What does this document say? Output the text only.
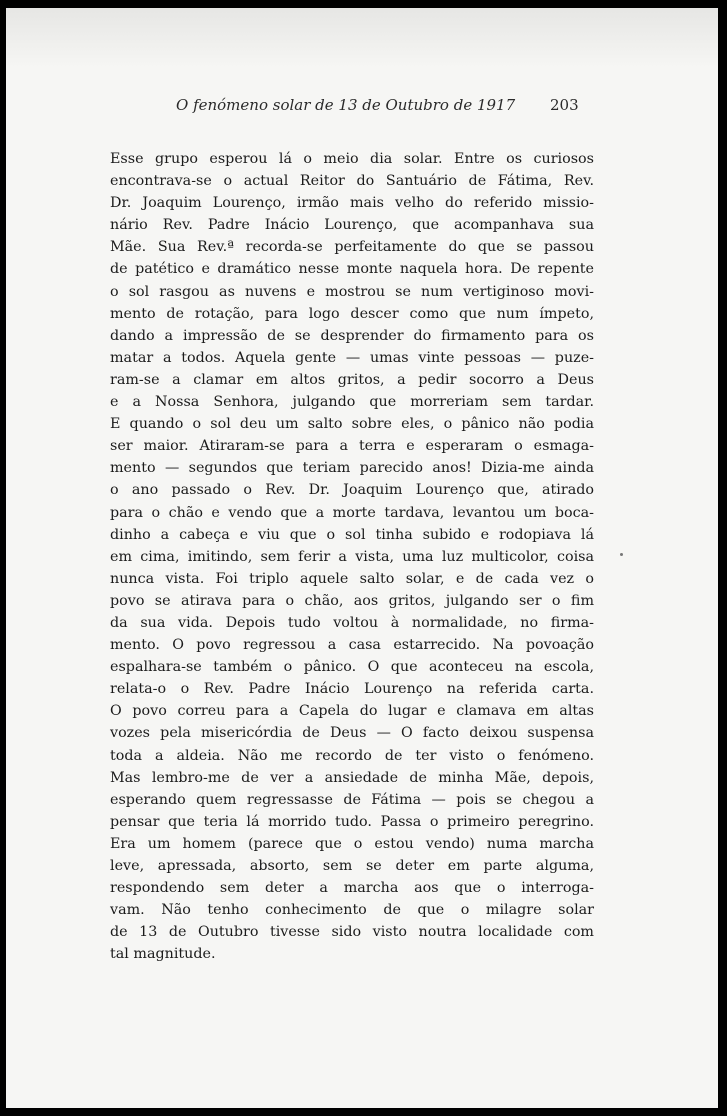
O fenómeno solar de 13 de Outubro de 1917 203
Esse grupo esperou lá o meio dia solar. Entre os curiosos
encontrava-se o actual Reitor do Santuário de Fátima, Rev.
Dr. Joaquim Lourenço, irmão mais velho do referido missio-
nário Rev. Padre Inácio Lourenço, que acompanhava sua
Mãe. Sua Rev.ª recorda-se perfeitamente do que se passou
de patético e dramático nesse monte naquela hora. De repente
o sol rasgou as nuvens e mostrou se num vertiginoso movi-
mento de rotação, para logo descer como que num ímpeto,
dando a impressão de se desprender do firmamento para os
matar a todos. Aquela gente — umas vinte pessoas — puze-
ram-se a clamar em altos gritos, a pedir socorro a Deus
e a Nossa Senhora, julgando que morreriam sem tardar.
E quando o sol deu um salto sobre eles, o pânico não podia
ser maior. Atiraram-se para a terra e esperaram o esmaga-
mento — segundos que teriam parecido anos! Dizia-me ainda
o ano passado o Rev. Dr. Joaquim Lourenço que, atirado
para o chão e vendo que a morte tardava, levantou um boca-
dinho a cabeça e viu que o sol tinha subido e rodopiava lá
em cima, imitindo, sem ferir a vista, uma luz multicolor, coisa
nunca vista. Foi triplo aquele salto solar, e de cada vez o
povo se atirava para o chão, aos gritos, julgando ser o fim
da sua vida. Depois tudo voltou à normalidade, no firma-
mento. O povo regressou a casa estarrecido. Na povoação
espalhara-se também o pânico. O que aconteceu na escola,
relata-o o Rev. Padre Inácio Lourenço na referida carta.
O povo correu para a Capela do lugar e clamava em altas
vozes pela misericórdia de Deus — O facto deixou suspensa
toda a aldeia. Não me recordo de ter visto o fenómeno.
Mas lembro-me de ver a ansiedade de minha Mãe, depois,
esperando quem regressasse de Fátima — pois se chegou a
pensar que teria lá morrido tudo. Passa o primeiro peregrino.
Era um homem (parece que o estou vendo) numa marcha
leve, apressada, absorto, sem se deter em parte alguma,
respondendo sem deter a marcha aos que o interroga-
vam. Não tenho conhecimento de que o milagre solar
de 13 de Outubro tivesse sido visto noutra localidade com
tal magnitude.
